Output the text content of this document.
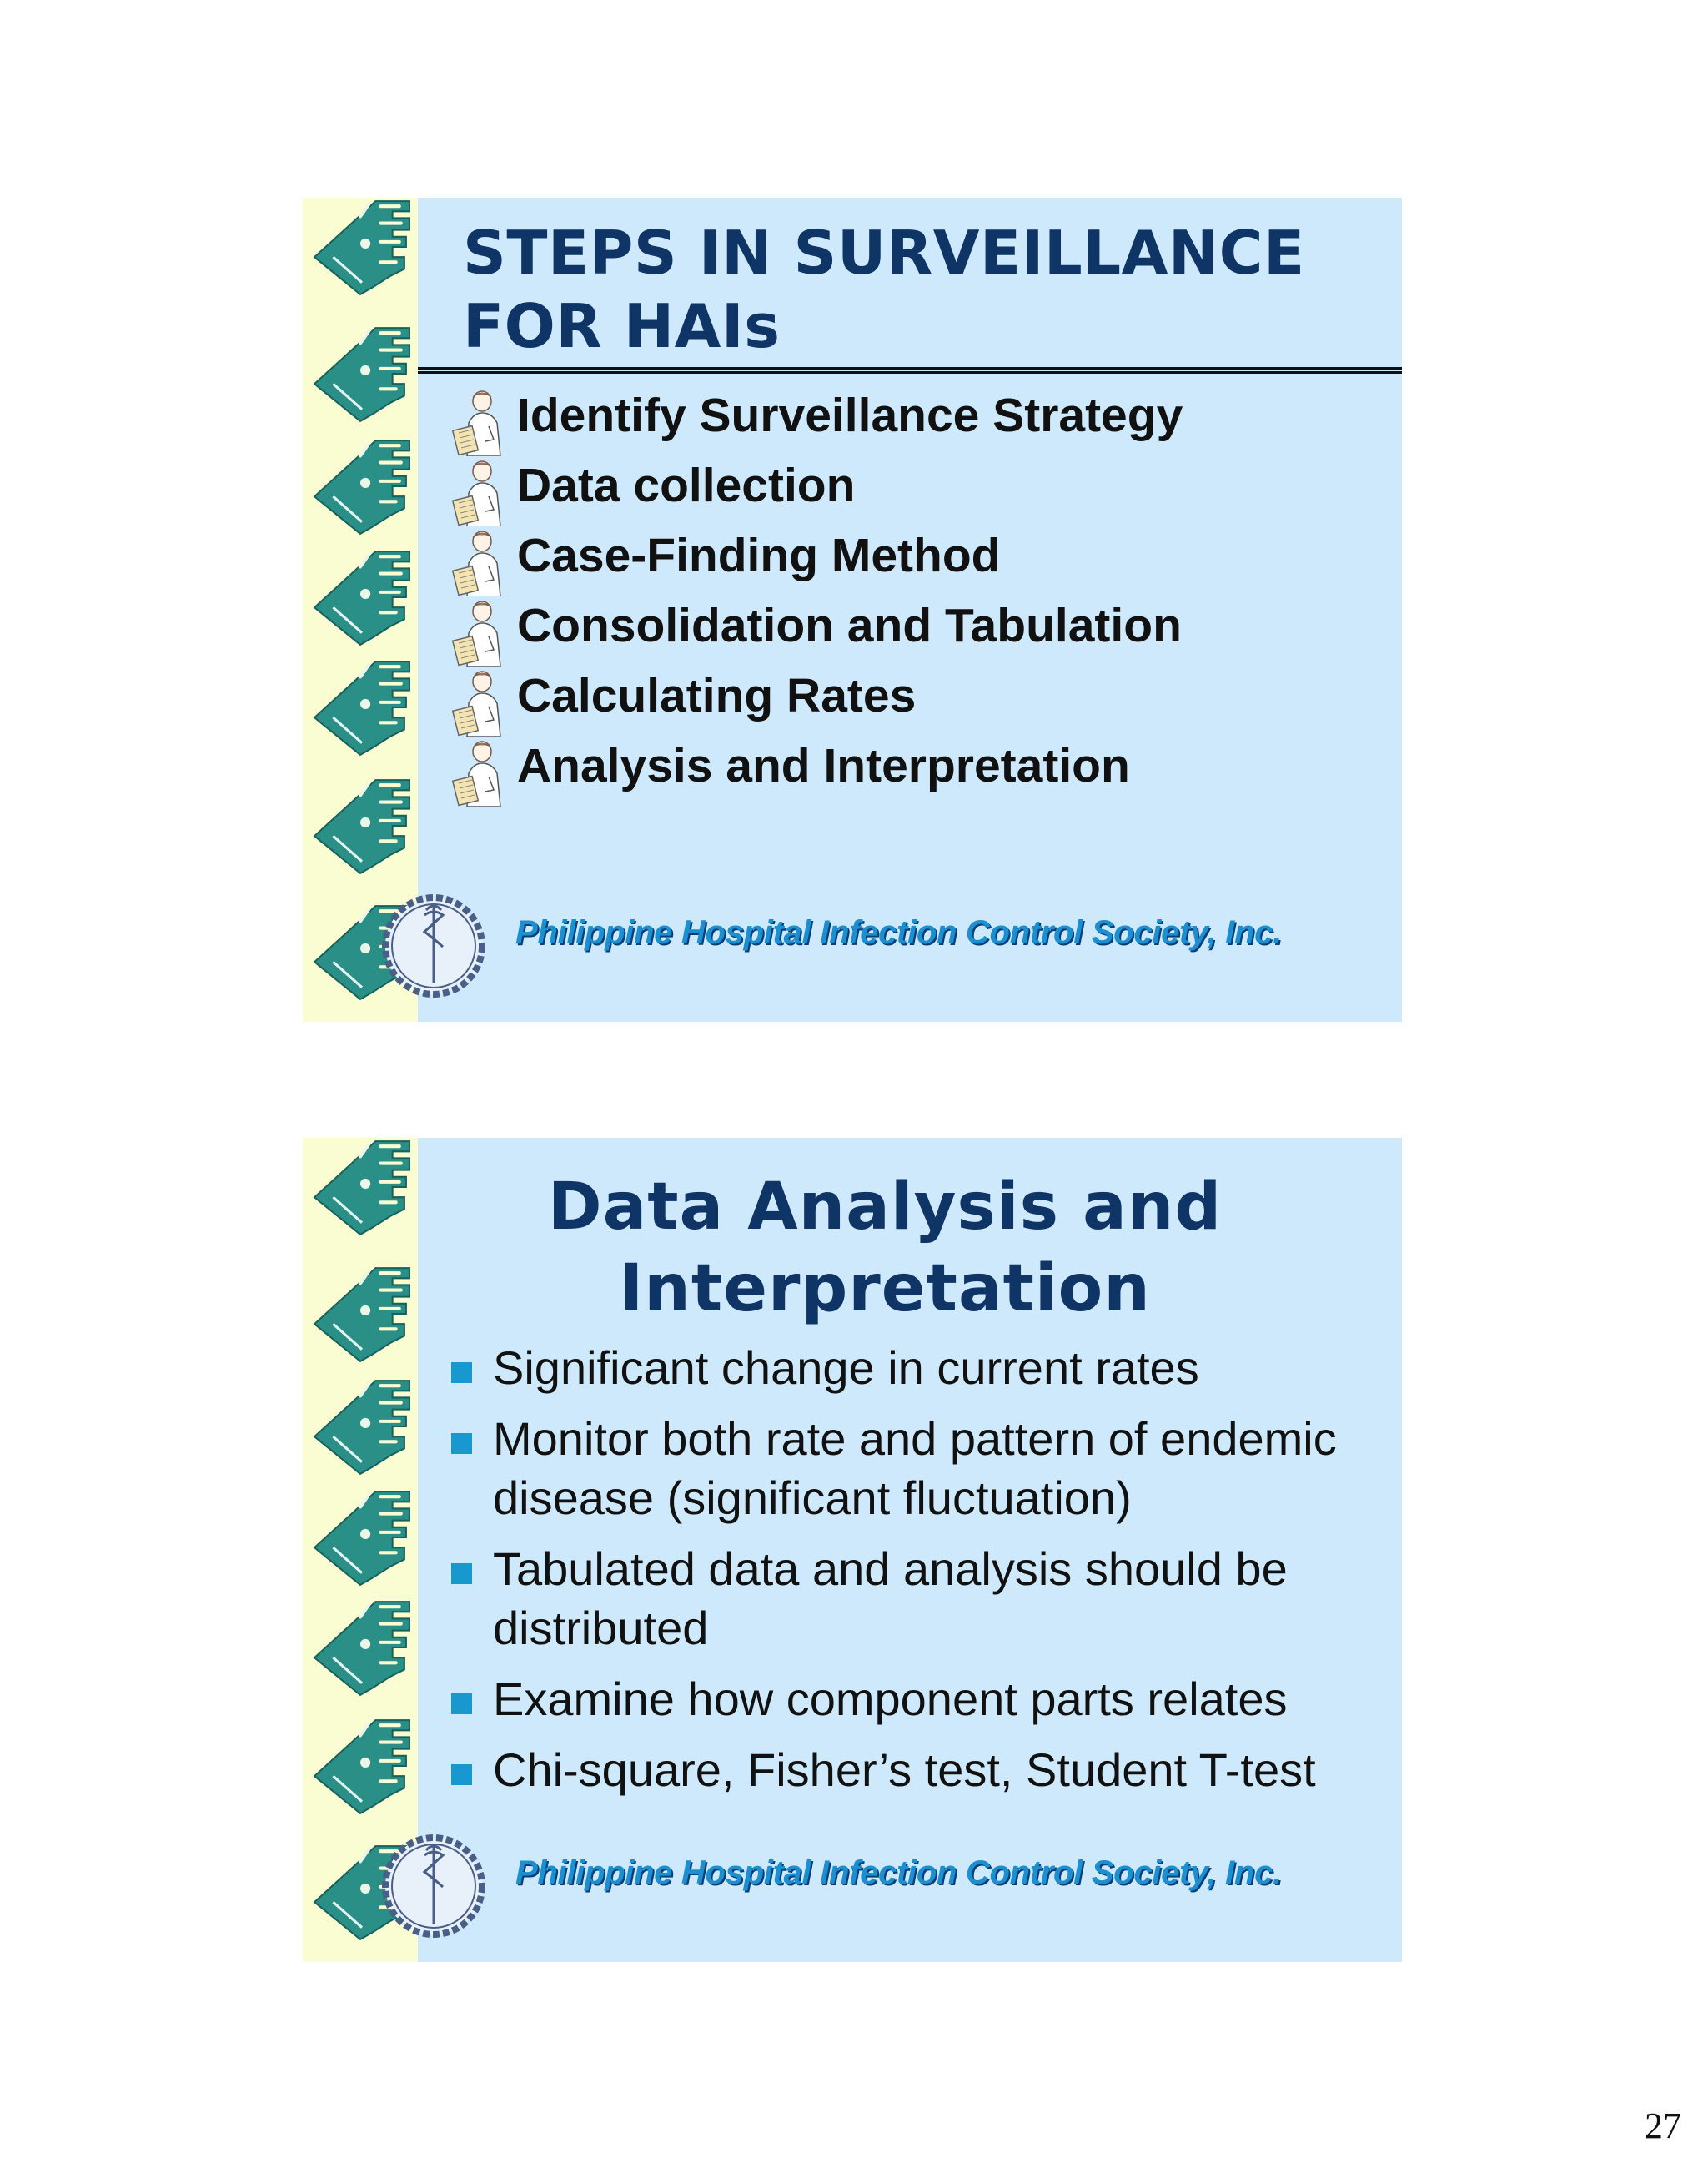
STEPS IN SURVEILLANCE
FOR HAIs
Identify Surveillance Strategy
Data collection
Case-Finding Method
Consolidation and Tabulation
Calculating Rates
Analysis and Interpretation
Philippine Hospital Infection Control Society, Inc.
Data Analysis and
Interpretation
Significant change in current rates
Monitor both rate and pattern of endemic disease (significant fluctuation)
Tabulated data and analysis should be distributed
Examine how component parts relates
Chi-square, Fisher’s test, Student T-test
Philippine Hospital Infection Control Society, Inc.
27
